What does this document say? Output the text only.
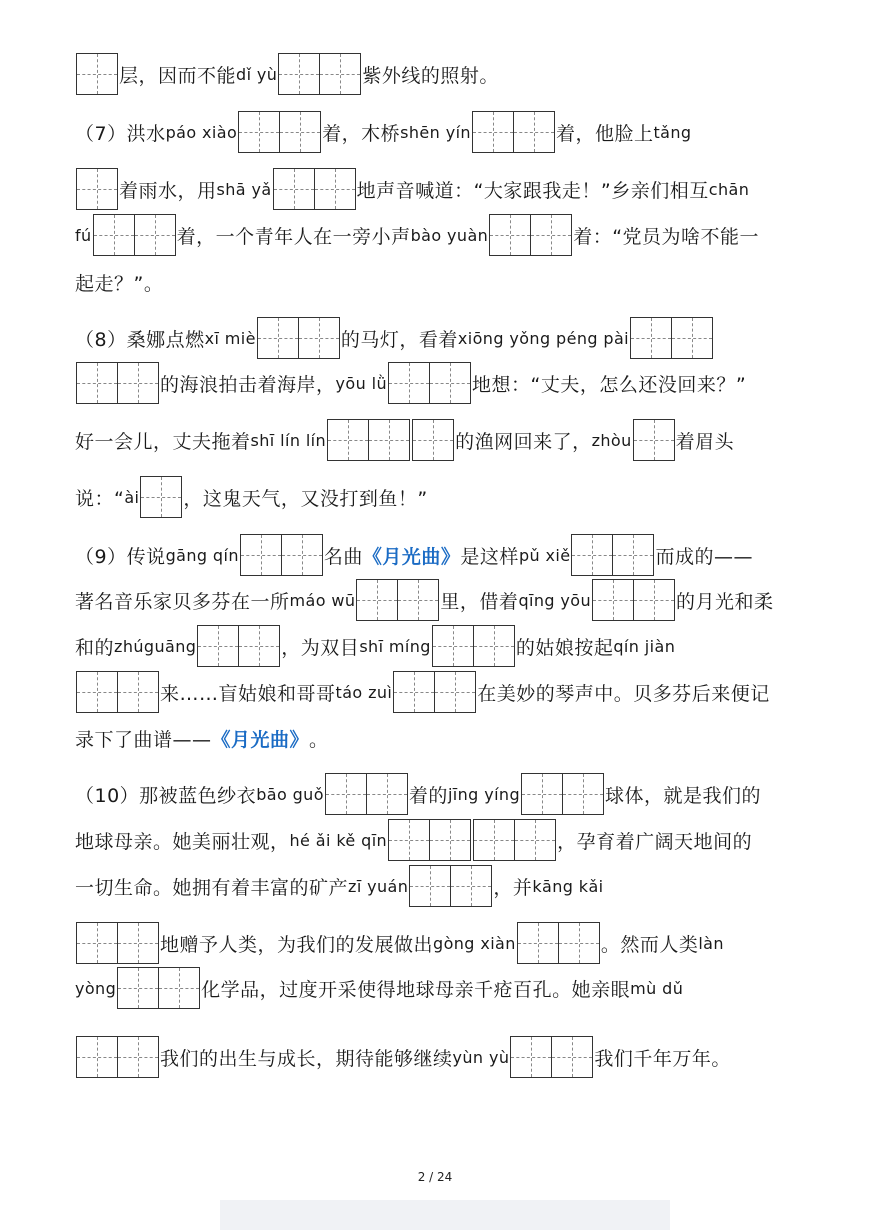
层，因而不能 dǐ yù	紫外线的照射。
（7）洪水 páo xiào	着，木桥 shēn yín	着，他脸上 tǎng
着雨水，用 shā yǎ	地声音喊道：“大家跟我走！”乡亲们相互 chān
fú	着，一个青年人在一旁小声 bào yuàn	着：“党员为啥不能一
起走？”。
（8）桑娜点燃 xī miè	的马灯，看着 xiōng yǒng péng pài
的海浪拍击着海岸， yōu lǜ	地想：“丈夫，怎么还没回来？”
好一会儿，丈夫拖着 shī lín lín	的渔网回来了， zhòu 着眉头
说：“ ài ，这鬼天气，又没打到鱼！”
（9）传说 gāng qín	名曲 《月光曲》 是这样 pǔ xiě	而成的——
著名音乐家贝多芬在一所 máo wū	里，借着 qīng yōu	的月光和柔
和的 zhúguāng	，为双目 shī míng	的姑娘按起 qín jiàn
来……盲姑娘和哥哥 táo zuì	在美妙的琴声中。贝多芬后来便记
录下了曲谱—— 《月光曲》 。
（10）那被蓝色纱衣 bāo guǒ	着的 jīng yíng	球体，就是我们的
地球母亲。她美丽壮观， hé ǎi kě qīn	，孕育着广阔天地间的
一切生命。她拥有着丰富的矿产 zī yuán	，并 kāng kǎi
地赠予人类，为我们的发展做出 gòng xiàn	。然而人类 làn
yòng	化学品，过度开采使得地球母亲千疮百孔。她亲眼 mù dǔ
我们的出生与成长，期待能够继续 yùn yù	我们千年万年。
2 / 24
